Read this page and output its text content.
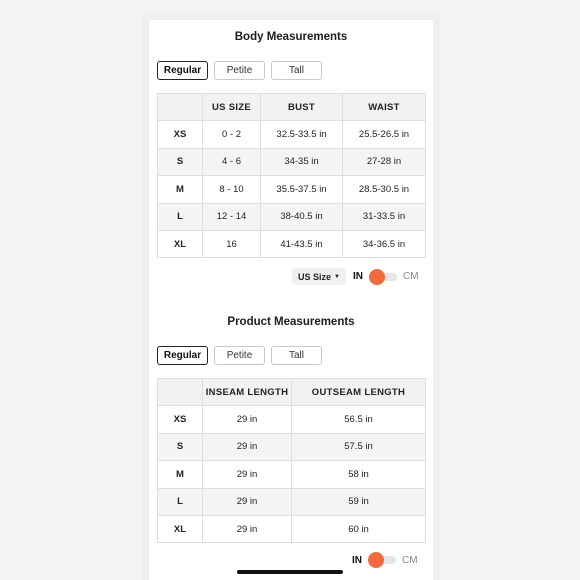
Body Measurements
Regular	Petite	Tall
	US SIZE	BUST	WAIST
XS	0 - 2	32.5-33.5 in	25.5-26.5 in
S	4 - 6	34-35 in	27-28 in
M	8 - 10	35.5-37.5 in	28.5-30.5 in
L	12 - 14	38-40.5 in	31-33.5 in
XL	16	41-43.5 in	34-36.5 in
US Size ▼ IN	CM
Product Measurements
Regular	Petite	Tall
	INSEAM LENGTH	OUTSEAM LENGTH
XS	29 in	56.5 in
S	29 in	57.5 in
M	29 in	58 in
L	29 in	59 in
XL	29 in	60 in
IN	CM
